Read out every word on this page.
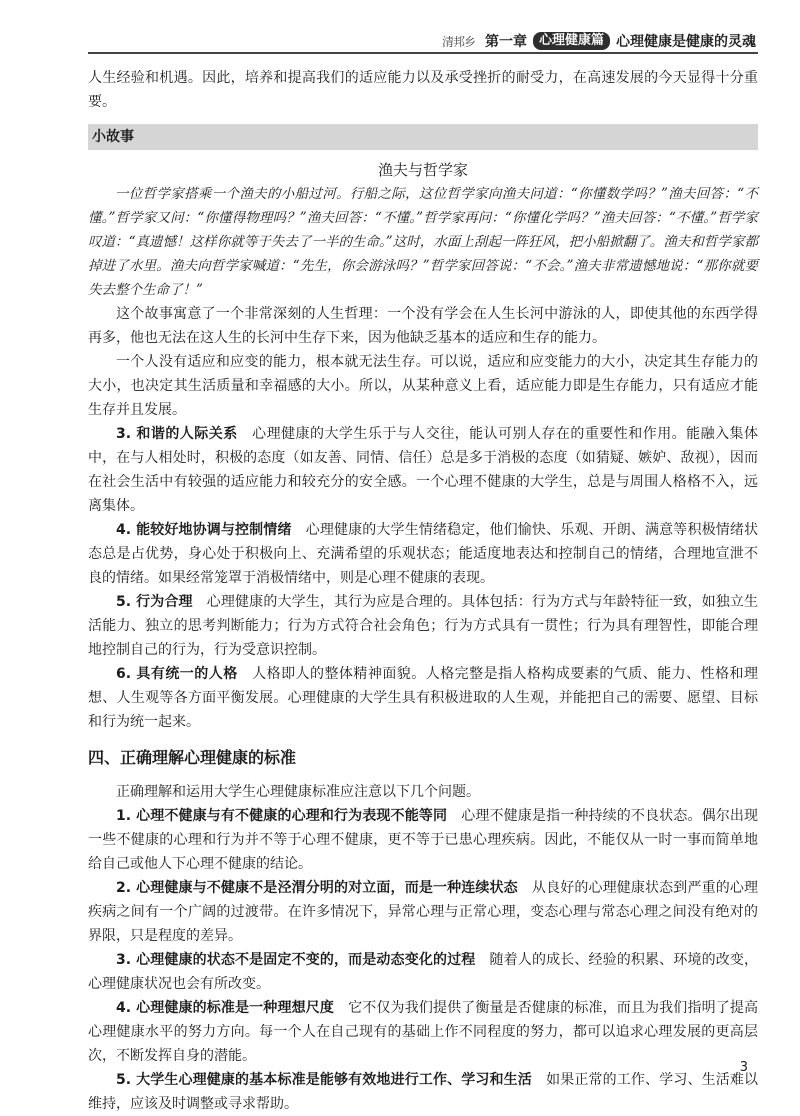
清邦乡 第一章 心理健康篇 心理健康是健康的灵魂

人生经验和机遇。因此，培养和提高我们的适应能力以及承受挫折的耐受力，在高速发展的今天显得十分重要。

小故事
渔夫与哲学家

一位哲学家搭乘一个渔夫的小船过河。行船之际，这位哲学家向渔夫问道：“你懂数学吗？”渔夫回答：“不懂。”哲学家又问：“你懂得物理吗？”渔夫回答：“不懂。”哲学家再问：“你懂化学吗？”渔夫回答：“不懂。”哲学家叹道：“真遗憾！这样你就等于失去了一半的生命。”这时，水面上刮起一阵狂风，把小船掀翻了。渔夫和哲学家都掉进了水里。渔夫向哲学家喊道：“先生，你会游泳吗？”哲学家回答说：“不会。”渔夫非常遗憾地说：“那你就要失去整个生命了！”

这个故事寓意了一个非常深刻的人生哲理：一个没有学会在人生长河中游泳的人，即使其他的东西学得再多，他也无法在这人生的长河中生存下来，因为他缺乏基本的适应和生存的能力。

一个人没有适应和应变的能力，根本就无法生存。可以说，适应和应变能力的大小，决定其生存能力的大小，也决定其生活质量和幸福感的大小。所以，从某种意义上看，适应能力即是生存能力，只有适应才能生存并且发展。

3. 和谐的人际关系  心理健康的大学生乐于与人交往，能认可别人存在的重要性和作用。能融入集体中，在与人相处时，积极的态度（如友善、同情、信任）总是多于消极的态度（如猜疑、嫉妒、敌视），因而在社会生活中有较强的适应能力和较充分的安全感。一个心理不健康的大学生，总是与周围人格格不入，远离集体。

4. 能较好地协调与控制情绪  心理健康的大学生情绪稳定，他们愉快、乐观、开朗、满意等积极情绪状态总是占优势，身心处于积极向上、充满希望的乐观状态；能适度地表达和控制自己的情绪，合理地宣泄不良的情绪。如果经常笼罩于消极情绪中，则是心理不健康的表现。

5. 行为合理  心理健康的大学生，其行为应是合理的。具体包括：行为方式与年龄特征一致，如独立生活能力、独立的思考判断能力；行为方式符合社会角色；行为方式具有一贯性；行为具有理智性，即能合理地控制自己的行为，行为受意识控制。

6. 具有统一的人格  人格即人的整体精神面貌。人格完整是指人格构成要素的气质、能力、性格和理想、人生观等各方面平衡发展。心理健康的大学生具有积极进取的人生观，并能把自己的需要、愿望、目标和行为统一起来。

四、正确理解心理健康的标准

正确理解和运用大学生心理健康标准应注意以下几个问题。

1. 心理不健康与有不健康的心理和行为表现不能等同  心理不健康是指一种持续的不良状态。偶尔出现一些不健康的心理和行为并不等于心理不健康，更不等于已患心理疾病。因此，不能仅从一时一事而简单地给自己或他人下心理不健康的结论。

2. 心理健康与不健康不是泾渭分明的对立面，而是一种连续状态  从良好的心理健康状态到严重的心理疾病之间有一个广阔的过渡带。在许多情况下，异常心理与正常心理，变态心理与常态心理之间没有绝对的界限，只是程度的差异。

3. 心理健康的状态不是固定不变的，而是动态变化的过程  随着人的成长、经验的积累、环境的改变，心理健康状况也会有所改变。

4. 心理健康的标准是一种理想尺度  它不仅为我们提供了衡量是否健康的标准，而且为我们指明了提高心理健康水平的努力方向。每一个人在自己现有的基础上作不同程度的努力，都可以追求心理发展的更高层次，不断发挥自身的潜能。

5. 大学生心理健康的基本标准是能够有效地进行工作、学习和生活  如果正常的工作、学习、生活难以维持，应该及时调整或寻求帮助。

3
